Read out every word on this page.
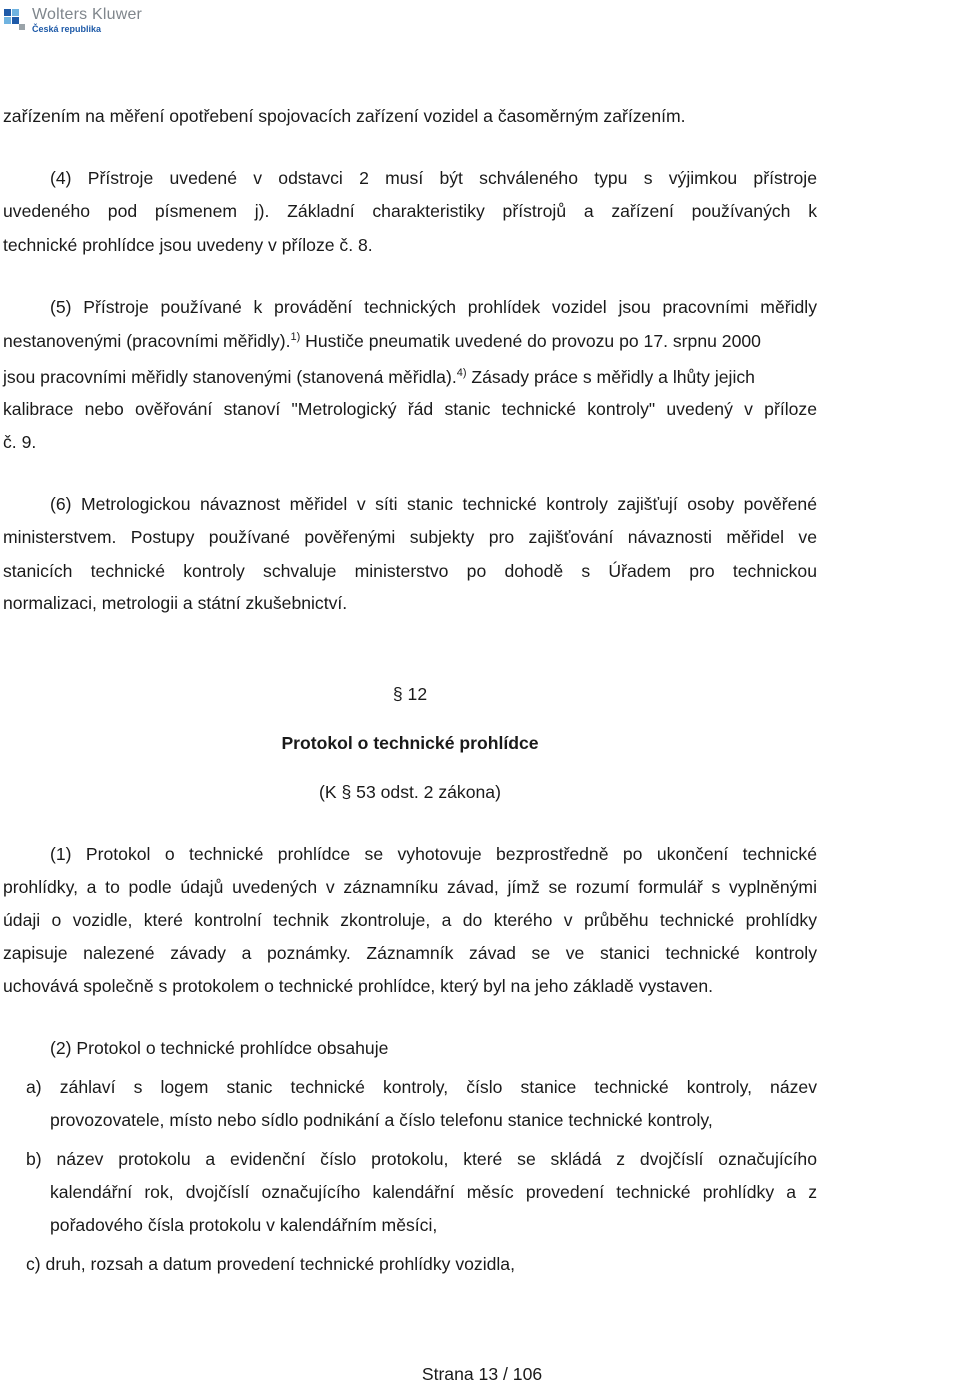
Wolters Kluwer
Česká republika
zařízením na měření opotřebení spojovacích zařízení vozidel a časoměrným zařízením.
(4) Přístroje uvedené v odstavci 2 musí být schváleného typu s výjimkou přístroje
uvedeného pod písmenem j). Základní charakteristiky přístrojů a zařízení používaných k
technické prohlídce jsou uvedeny v příloze č. 8.
(5) Přístroje používané k provádění technických prohlídek vozidel jsou pracovními měřidly
nestanovenými (pracovními měřidly).$^{1)}$ Hustiče pneumatik uvedené do provozu po 17. srpnu 2000
jsou pracovními měřidly stanovenými (stanovená měřidla).$^{4)}$ Zásady práce s měřidly a lhůty jejich
kalibrace nebo ověřování stanoví "Metrologický řád stanic technické kontroly" uvedený v příloze
č. 9.
(6) Metrologickou návaznost měřidel v síti stanic technické kontroly zajišťují osoby pověřené
ministerstvem. Postupy používané pověřenými subjekty pro zajišťování návaznosti měřidel ve
stanicích technické kontroly schvaluje ministerstvo po dohodě s Úřadem pro technickou
normalizaci, metrologii a státní zkušebnictví.
§ 12
Protokol o technické prohlídce
(K § 53 odst. 2 zákona)
(1) Protokol o technické prohlídce se vyhotovuje bezprostředně po ukončení technické
prohlídky, a to podle údajů uvedených v záznamníku závad, jímž se rozumí formulář s vyplněnými
údaji o vozidle, které kontrolní technik zkontroluje, a do kterého v průběhu technické prohlídky
zapisuje nalezené závady a poznámky. Záznamník závad se ve stanici technické kontroly
uchovává společně s protokolem o technické prohlídce, který byl na jeho základě vystaven.
(2) Protokol o technické prohlídce obsahuje
a) záhlaví s logem stanic technické kontroly, číslo stanice technické kontroly, název
provozovatele, místo nebo sídlo podnikání a číslo telefonu stanice technické kontroly,
b) název protokolu a evidenční číslo protokolu, které se skládá z dvojčíslí označujícího
kalendářní rok, dvojčíslí označujícího kalendářní měsíc provedení technické prohlídky a z
pořadového čísla protokolu v kalendářním měsíci,
c) druh, rozsah a datum provedení technické prohlídky vozidla,
Strana 13 / 106
